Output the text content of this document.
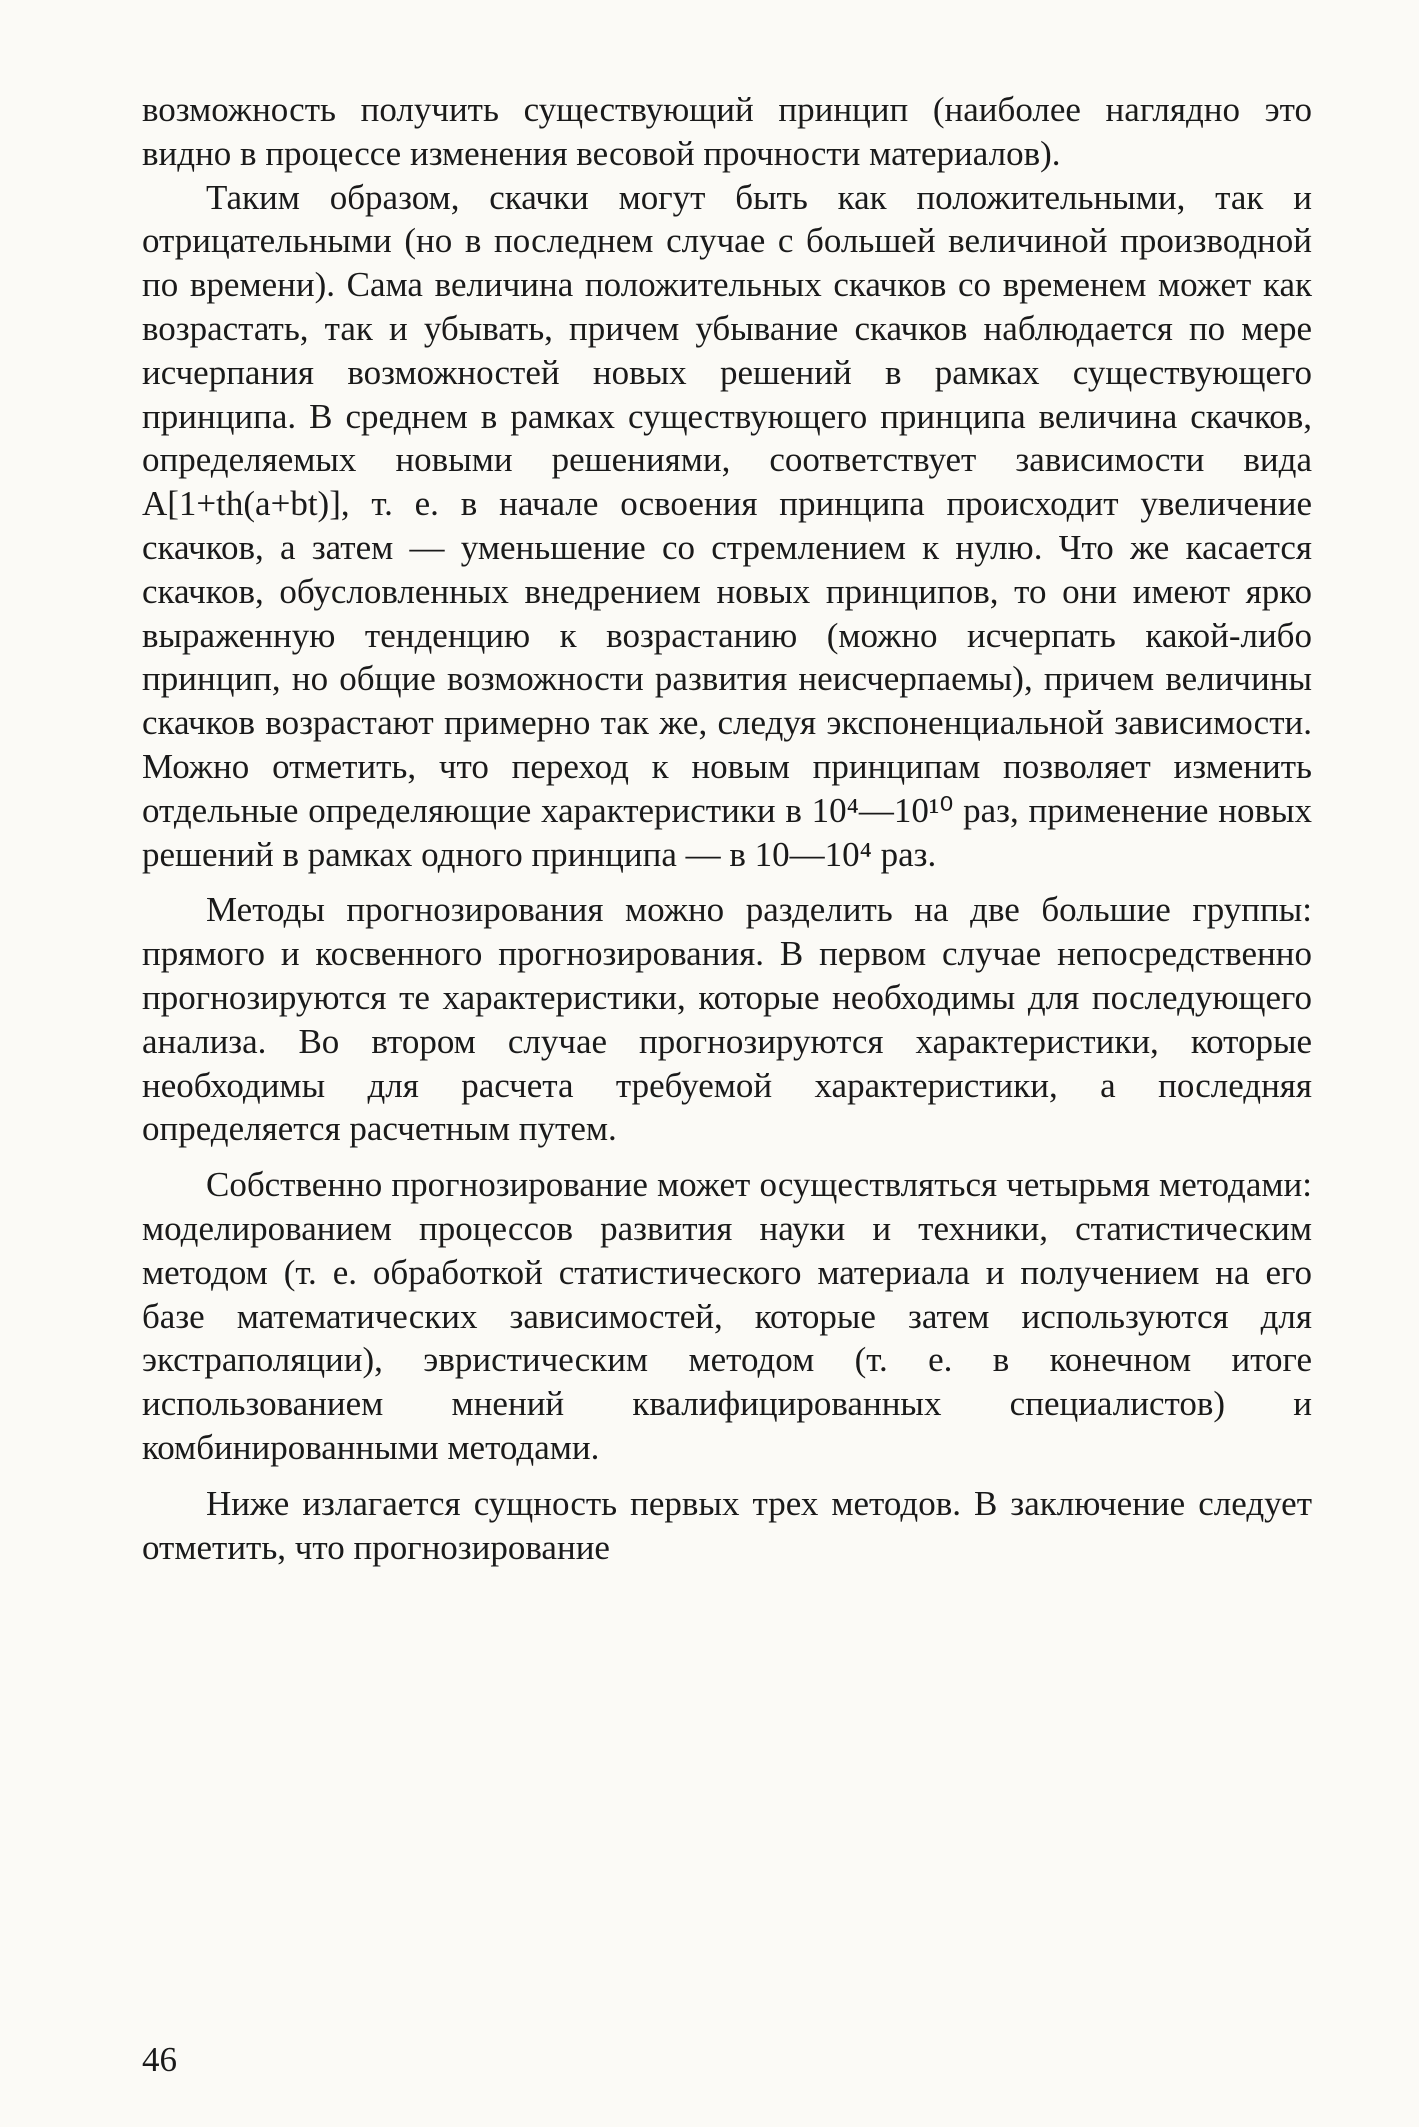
возможность получить существующий принцип (наиболее наглядно это видно в процессе изменения весовой прочности материалов).

Таким образом, скачки могут быть как положительными, так и отрицательными (но в последнем случае с большей величиной производной по времени). Сама величина положительных скачков со временем может как возрастать, так и убывать, причем убывание скачков наблюдается по мере исчерпания возможностей новых решений в рамках существующего принципа. В среднем в рамках существующего принципа величина скачков, определяемых новыми решениями, соответствует зависимости вида A[1+th(a+bt)], т. е. в начале освоения принципа происходит увеличение скачков, а затем — уменьшение со стремлением к нулю. Что же касается скачков, обусловленных внедрением новых принципов, то они имеют ярко выраженную тенденцию к возрастанию (можно исчерпать какой-либо принцип, но общие возможности развития неисчерпаемы), причем величины скачков возрастают примерно так же, следуя экспоненциальной зависимости. Можно отметить, что переход к новым принципам позволяет изменить отдельные определяющие характеристики в 10⁴—10¹⁰ раз, применение новых решений в рамках одного принципа — в 10—10⁴ раз.

Методы прогнозирования можно разделить на две большие группы: прямого и косвенного прогнозирования. В первом случае непосредственно прогнозируются те характеристики, которые необходимы для последующего анализа. Во втором случае прогнозируются характеристики, которые необходимы для расчета требуемой характеристики, а последняя определяется расчетным путем.

Собственно прогнозирование может осуществляться четырьмя методами: моделированием процессов развития науки и техники, статистическим методом (т. е. обработкой статистического материала и получением на его базе математических зависимостей, которые затем используются для экстраполяции), эвристическим методом (т. е. в конечном итоге использованием мнений квалифицированных специалистов) и комбинированными методами.

Ниже излагается сущность первых трех методов. В заключение следует отметить, что прогнозирование

46
